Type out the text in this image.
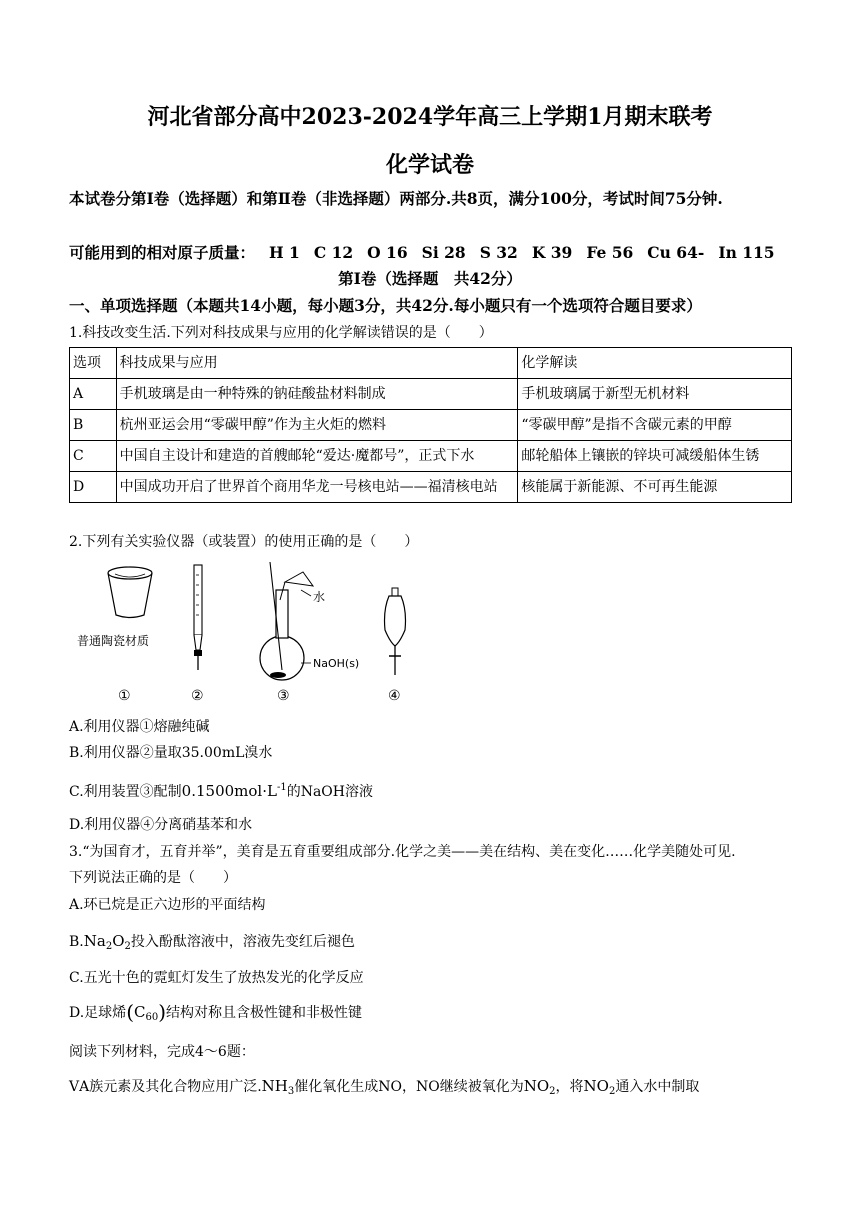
河北省部分高中2023-2024学年高三上学期1月期末联考
化学试卷
本试卷分第Ⅰ卷（选择题）和第Ⅱ卷（非选择题）两部分.共8页，满分100分，考试时间75分钟.
可能用到的相对原子质量： H 1 C 12 O 16 Si 28 S 32 K 39 Fe 56 Cu 64- In 115
第Ⅰ卷（选择题　共42分）
一、单项选择题（本题共14小题，每小题3分，共42分.每小题只有一个选项符合题目要求）
1.科技改变生活.下列对科技成果与应用的化学解读错误的是（　　）
选项	科技成果与应用	化学解读
A	手机玻璃是由一种特殊的钠硅酸盐材料制成	手机玻璃属于新型无机材料
B	杭州亚运会用“零碳甲醇”作为主火炬的燃料	“零碳甲醇”是指不含碳元素的甲醇
C	中国自主设计和建造的首艘邮轮“爱达·魔都号”，正式下水	邮轮船体上镶嵌的锌块可减缓船体生锈
D	中国成功开启了世界首个商用华龙一号核电站——福清核电站	核能属于新能源、不可再生能源
2.下列有关实验仪器（或装置）的使用正确的是（　　）
普通陶瓷材质
①	②
水
NaOH(s)
③	④
A.利用仪器①熔融纯碱
B.利用仪器②量取35.00mL溴水
C.利用装置③配制$0.1500mol\cdot L^{-1}$的NaOH溶液
D.利用仪器④分离硝基苯和水
3.“为国育才，五育并举”，美育是五育重要组成部分.化学之美——美在结构、美在变化……化学美随处可见.
下列说法正确的是（　　）
A.环已烷是正六边形的平面结构
$B.Na_2O_2$投入酚酞溶液中，溶液先变红后褪色
C.五光十色的霓虹灯发生了放热发光的化学反应
D.足球烯$(C_{60})$结构对称且含极性键和非极性键
阅读下列材料，完成4～6题：
ⅤA族元素及其化合物应用广泛$.NH_3$催化氧化生成NO，NO继续被氧化为$NO_2$，将$NO_2$通入水中制取
